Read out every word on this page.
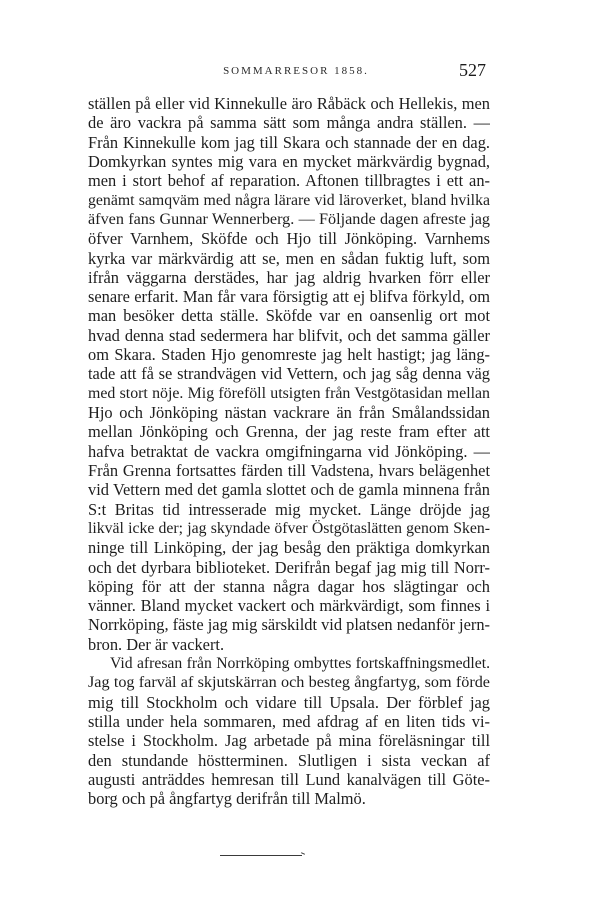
SOMMARRESOR 1858.	527
ställen på eller vid Kinnekulle äro Råbäck och Hellekis, men
de äro vackra på samma sätt som många andra ställen. —
Från Kinnekulle kom jag till Skara och stannade der en dag.
Domkyrkan syntes mig vara en mycket märkvärdig bygnad,
men i stort behof af reparation. Aftonen tillbragtes i ett an-
genämt samqväm med några lärare vid läroverket, bland hvilka
äfven fans Gunnar Wennerberg. — Följande dagen afreste jag
öfver Varnhem, Sköfde och Hjo till Jönköping. Varnhems
kyrka var märkvärdig att se, men en sådan fuktig luft, som
ifrån väggarna derstädes, har jag aldrig hvarken förr eller
senare erfarit. Man får vara försigtig att ej blifva förkyld, om
man besöker detta ställe. Sköfde var en oansenlig ort mot
hvad denna stad sedermera har blifvit, och det samma gäller
om Skara. Staden Hjo genomreste jag helt hastigt; jag läng-
tade att få se strandvägen vid Vettern, och jag såg denna väg
med stort nöje. Mig föreföll utsigten från Vestgötasidan mellan
Hjo och Jönköping nästan vackrare än från Smålandssidan
mellan Jönköping och Grenna, der jag reste fram efter att
hafva betraktat de vackra omgifningarna vid Jönköping. —
Från Grenna fortsattes färden till Vadstena, hvars belägenhet
vid Vettern med det gamla slottet och de gamla minnena från
S:t Britas tid intresserade mig mycket. Länge dröjde jag
likväl icke der; jag skyndade öfver Östgötaslätten genom Sken-
ninge till Linköping, der jag besåg den präktiga domkyrkan
och det dyrbara biblioteket. Derifrån begaf jag mig till Norr-
köping för att der stanna några dagar hos slägtingar och
vänner. Bland mycket vackert och märkvärdigt, som finnes i
Norrköping, fäste jag mig särskildt vid platsen nedanför jern-
bron. Der är vackert.
Vid afresan från Norrköping ombyttes fortskaffningsmedlet.
Jag tog farväl af skjutskärran och besteg ångfartyg, som förde
mig till Stockholm och vidare till Upsala. Der förblef jag
stilla under hela sommaren, med afdrag af en liten tids vi-
stelse i Stockholm. Jag arbetade på mina föreläsningar till
den stundande höstterminen. Slutligen i sista veckan af
augusti anträddes hemresan till Lund kanalvägen till Göte-
borg och på ångfartyg derifrån till Malmö.
